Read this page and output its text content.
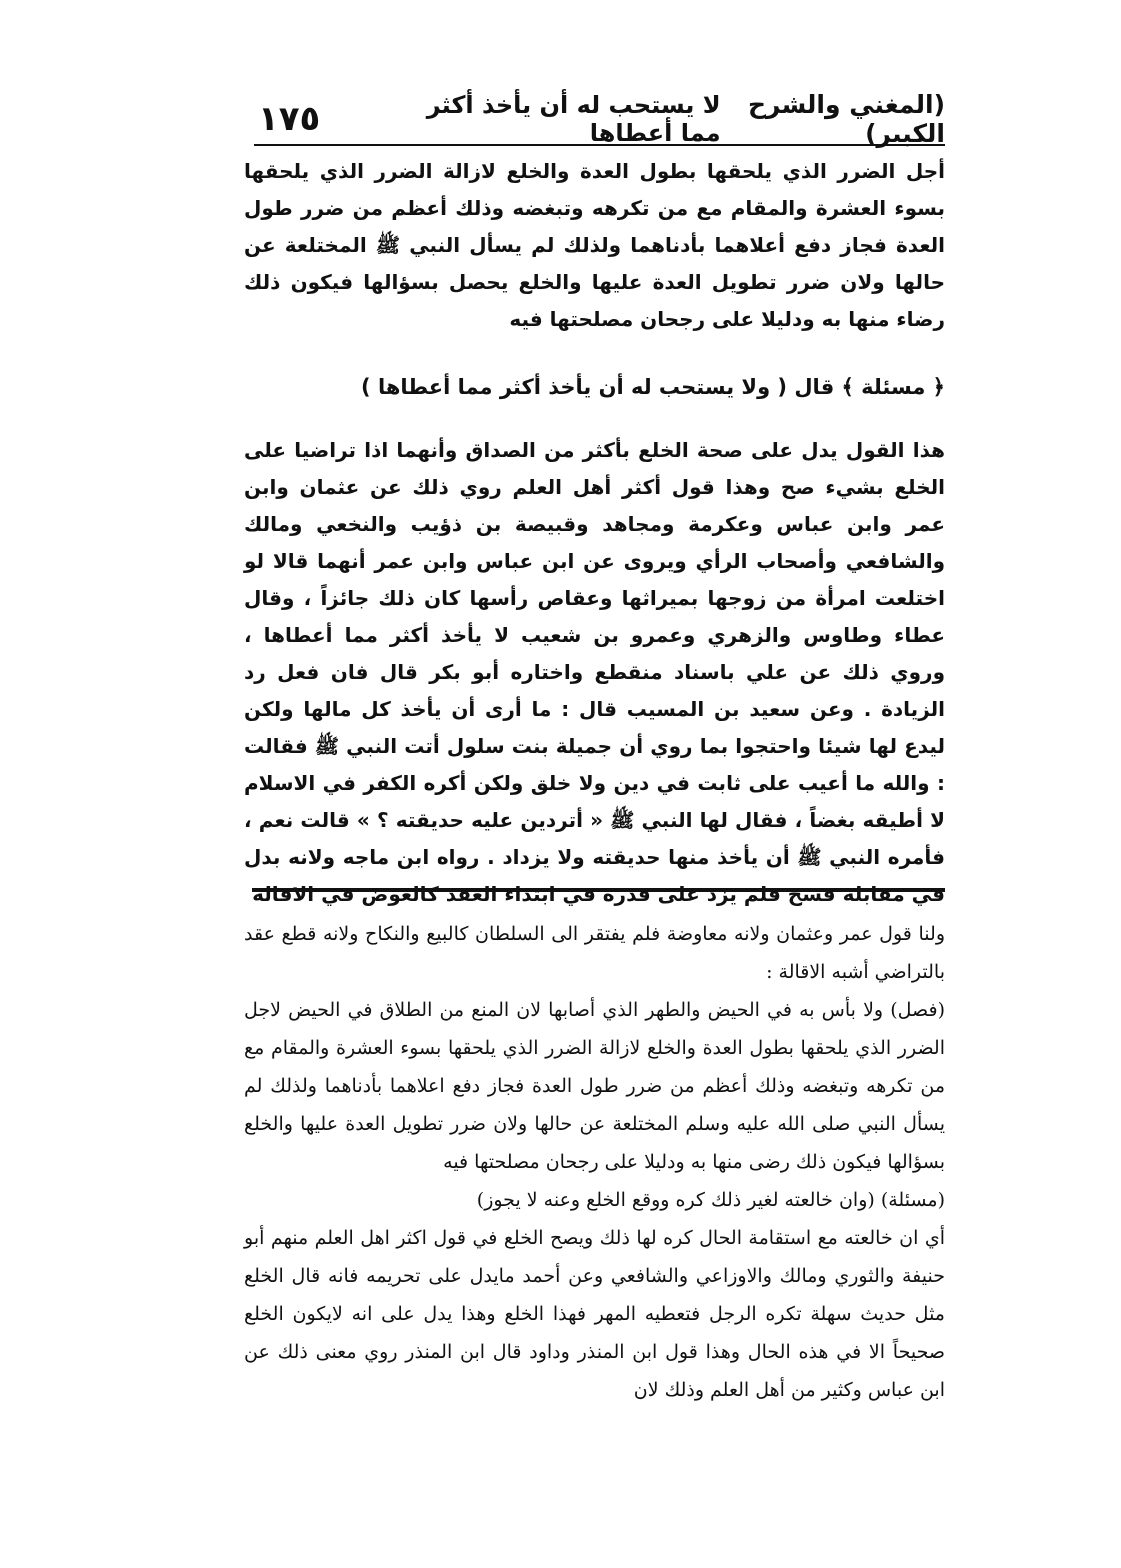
(المغني والشرح الكبير)
لا يستحب له أن يأخذ أكثر مما أعطاها
١٧٥

أجل الضرر الذي يلحقها بطول العدة والخلع لازالة الضرر الذي يلحقها بسوء العشرة والمقام مع من تكرهه وتبغضه وذلك أعظم من ضرر طول العدة فجاز دفع أعلاهما بأدناهما ولذلك لم يسأل النبي ﷺ المختلعة عن حالها ولان ضرر تطويل العدة عليها والخلع يحصل بسؤالها فيكون ذلك رضاء منها به ودليلا على رجحان مصلحتها فيه

﴿ مسئلة ﴾ قال ( ولا يستحب له أن يأخذ أكثر مما أعطاها )

هذا القول يدل على صحة الخلع بأكثر من الصداق وأنهما اذا تراضيا على الخلع بشيء صح وهذا قول أكثر أهل العلم روي ذلك عن عثمان وابن عمر وابن عباس وعكرمة ومجاهد وقبيصة بن ذؤيب والنخعي ومالك والشافعي وأصحاب الرأي ويروى عن ابن عباس وابن عمر أنهما قالا لو اختلعت امرأة من زوجها بميراثها وعقاص رأسها كان ذلك جائزاً ، وقال عطاء وطاوس والزهري وعمرو بن شعيب لا يأخذ أكثر مما أعطاها ، وروي ذلك عن علي باسناد منقطع واختاره أبو بكر قال فان فعل رد الزيادة . وعن سعيد بن المسيب قال : ما أرى أن يأخذ كل مالها ولكن ليدع لها شيئا واحتجوا بما روي أن جميلة بنت سلول أتت النبي ﷺ فقالت : والله ما أعيب على ثابت في دين ولا خلق ولكن أكره الكفر في الاسلام لا أطيقه بغضاً ، فقال لها النبي ﷺ « أتردين عليه حديقته ؟ » قالت نعم ، فأمره النبي ﷺ أن يأخذ منها حديقته ولا يزداد . رواه ابن ماجه ولانه بدل في مقابلة فسخ فلم يزد على قدره في ابتداء العقد كالعوض في الاقالة

ولنا قول عمر وعثمان ولانه معاوضة فلم يفتقر الى السلطان كالبيع والنكاح ولانه قطع عقد بالتراضي أشبه الاقالة :

(فصل) ولا بأس به في الحيض والطهر الذي أصابها لان المنع من الطلاق في الحيض لاجل الضرر الذي يلحقها بطول العدة والخلع لازالة الضرر الذي يلحقها بسوء العشرة والمقام مع من تكرهه وتبغضه وذلك أعظم من ضرر طول العدة فجاز دفع اعلاهما بأدناهما ولذلك لم يسأل النبي صلى الله عليه وسلم المختلعة عن حالها ولان ضرر تطويل العدة عليها والخلع بسؤالها فيكون ذلك رضى منها به ودليلا على رجحان مصلحتها فيه

(مسئلة) (وان خالعته لغير ذلك كره ووقع الخلع وعنه لا يجوز)

أي ان خالعته مع استقامة الحال كره لها ذلك ويصح الخلع في قول اكثر اهل العلم منهم أبو حنيفة والثوري ومالك والاوزاعي والشافعي وعن أحمد مايدل على تحريمه فانه قال الخلع مثل حديث سهلة تكره الرجل فتعطيه المهر فهذا الخلع وهذا يدل على انه لايكون الخلع صحيحاً الا في هذه الحال وهذا قول ابن المنذر وداود قال ابن المنذر روي معنى ذلك عن ابن عباس وكثير من أهل العلم وذلك لان
